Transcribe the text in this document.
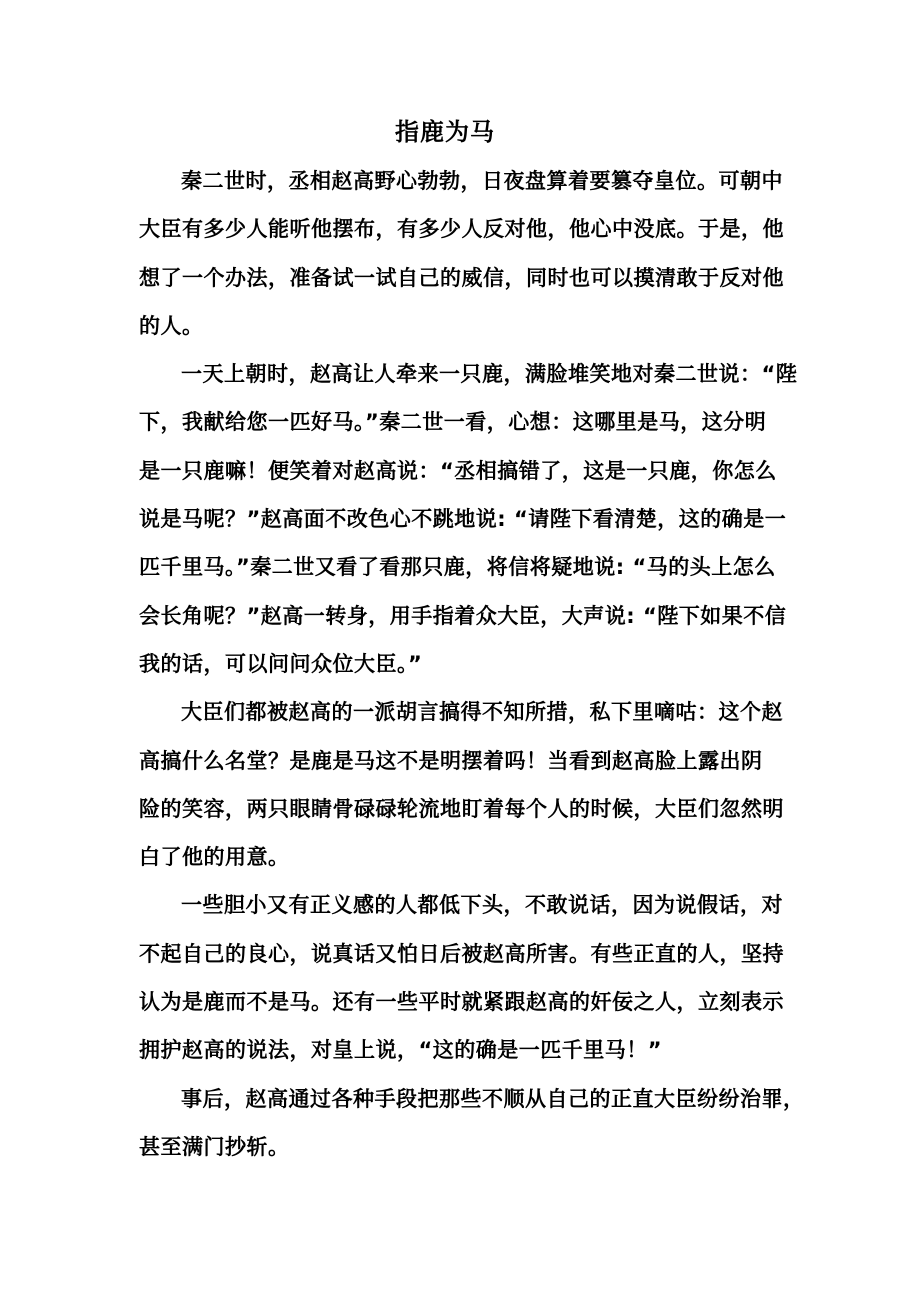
指鹿为马
秦二世时，丞相赵高野心勃勃，日夜盘算着要篡夺皇位。可朝中
大臣有多少人能听他摆布，有多少人反对他，他心中没底。于是，他
想了一个办法，准备试一试自己的威信，同时也可以摸清敢于反对他
的人。
一天上朝时，赵高让人牵来一只鹿，满脸堆笑地对秦二世说：“陛
下，我献给您一匹好马。”秦二世一看，心想：这哪里是马，这分明
是一只鹿嘛！便笑着对赵高说：“丞相搞错了，这是一只鹿，你怎么
说是马呢？”赵高面不改色心不跳地说: “请陛下看清楚，这的确是一
匹千里马。”秦二世又看了看那只鹿，将信将疑地说: “马的头上怎么
会长角呢？”赵高一转身，用手指着众大臣，大声说: “陛下如果不信
我的话，可以问问众位大臣。”
大臣们都被赵高的一派胡言搞得不知所措，私下里嘀咕：这个赵
高搞什么名堂？是鹿是马这不是明摆着吗！当看到赵高脸上露出阴
险的笑容，两只眼睛骨碌碌轮流地盯着每个人的时候，大臣们忽然明
白了他的用意。
一些胆小又有正义感的人都低下头，不敢说话，因为说假话，对
不起自己的良心，说真话又怕日后被赵高所害。有些正直的人，坚持
认为是鹿而不是马。还有一些平时就紧跟赵高的奸佞之人，立刻表示
拥护赵高的说法，对皇上说，“这的确是一匹千里马！”
事后，赵高通过各种手段把那些不顺从自己的正直大臣纷纷治罪，
甚至满门抄斩。
